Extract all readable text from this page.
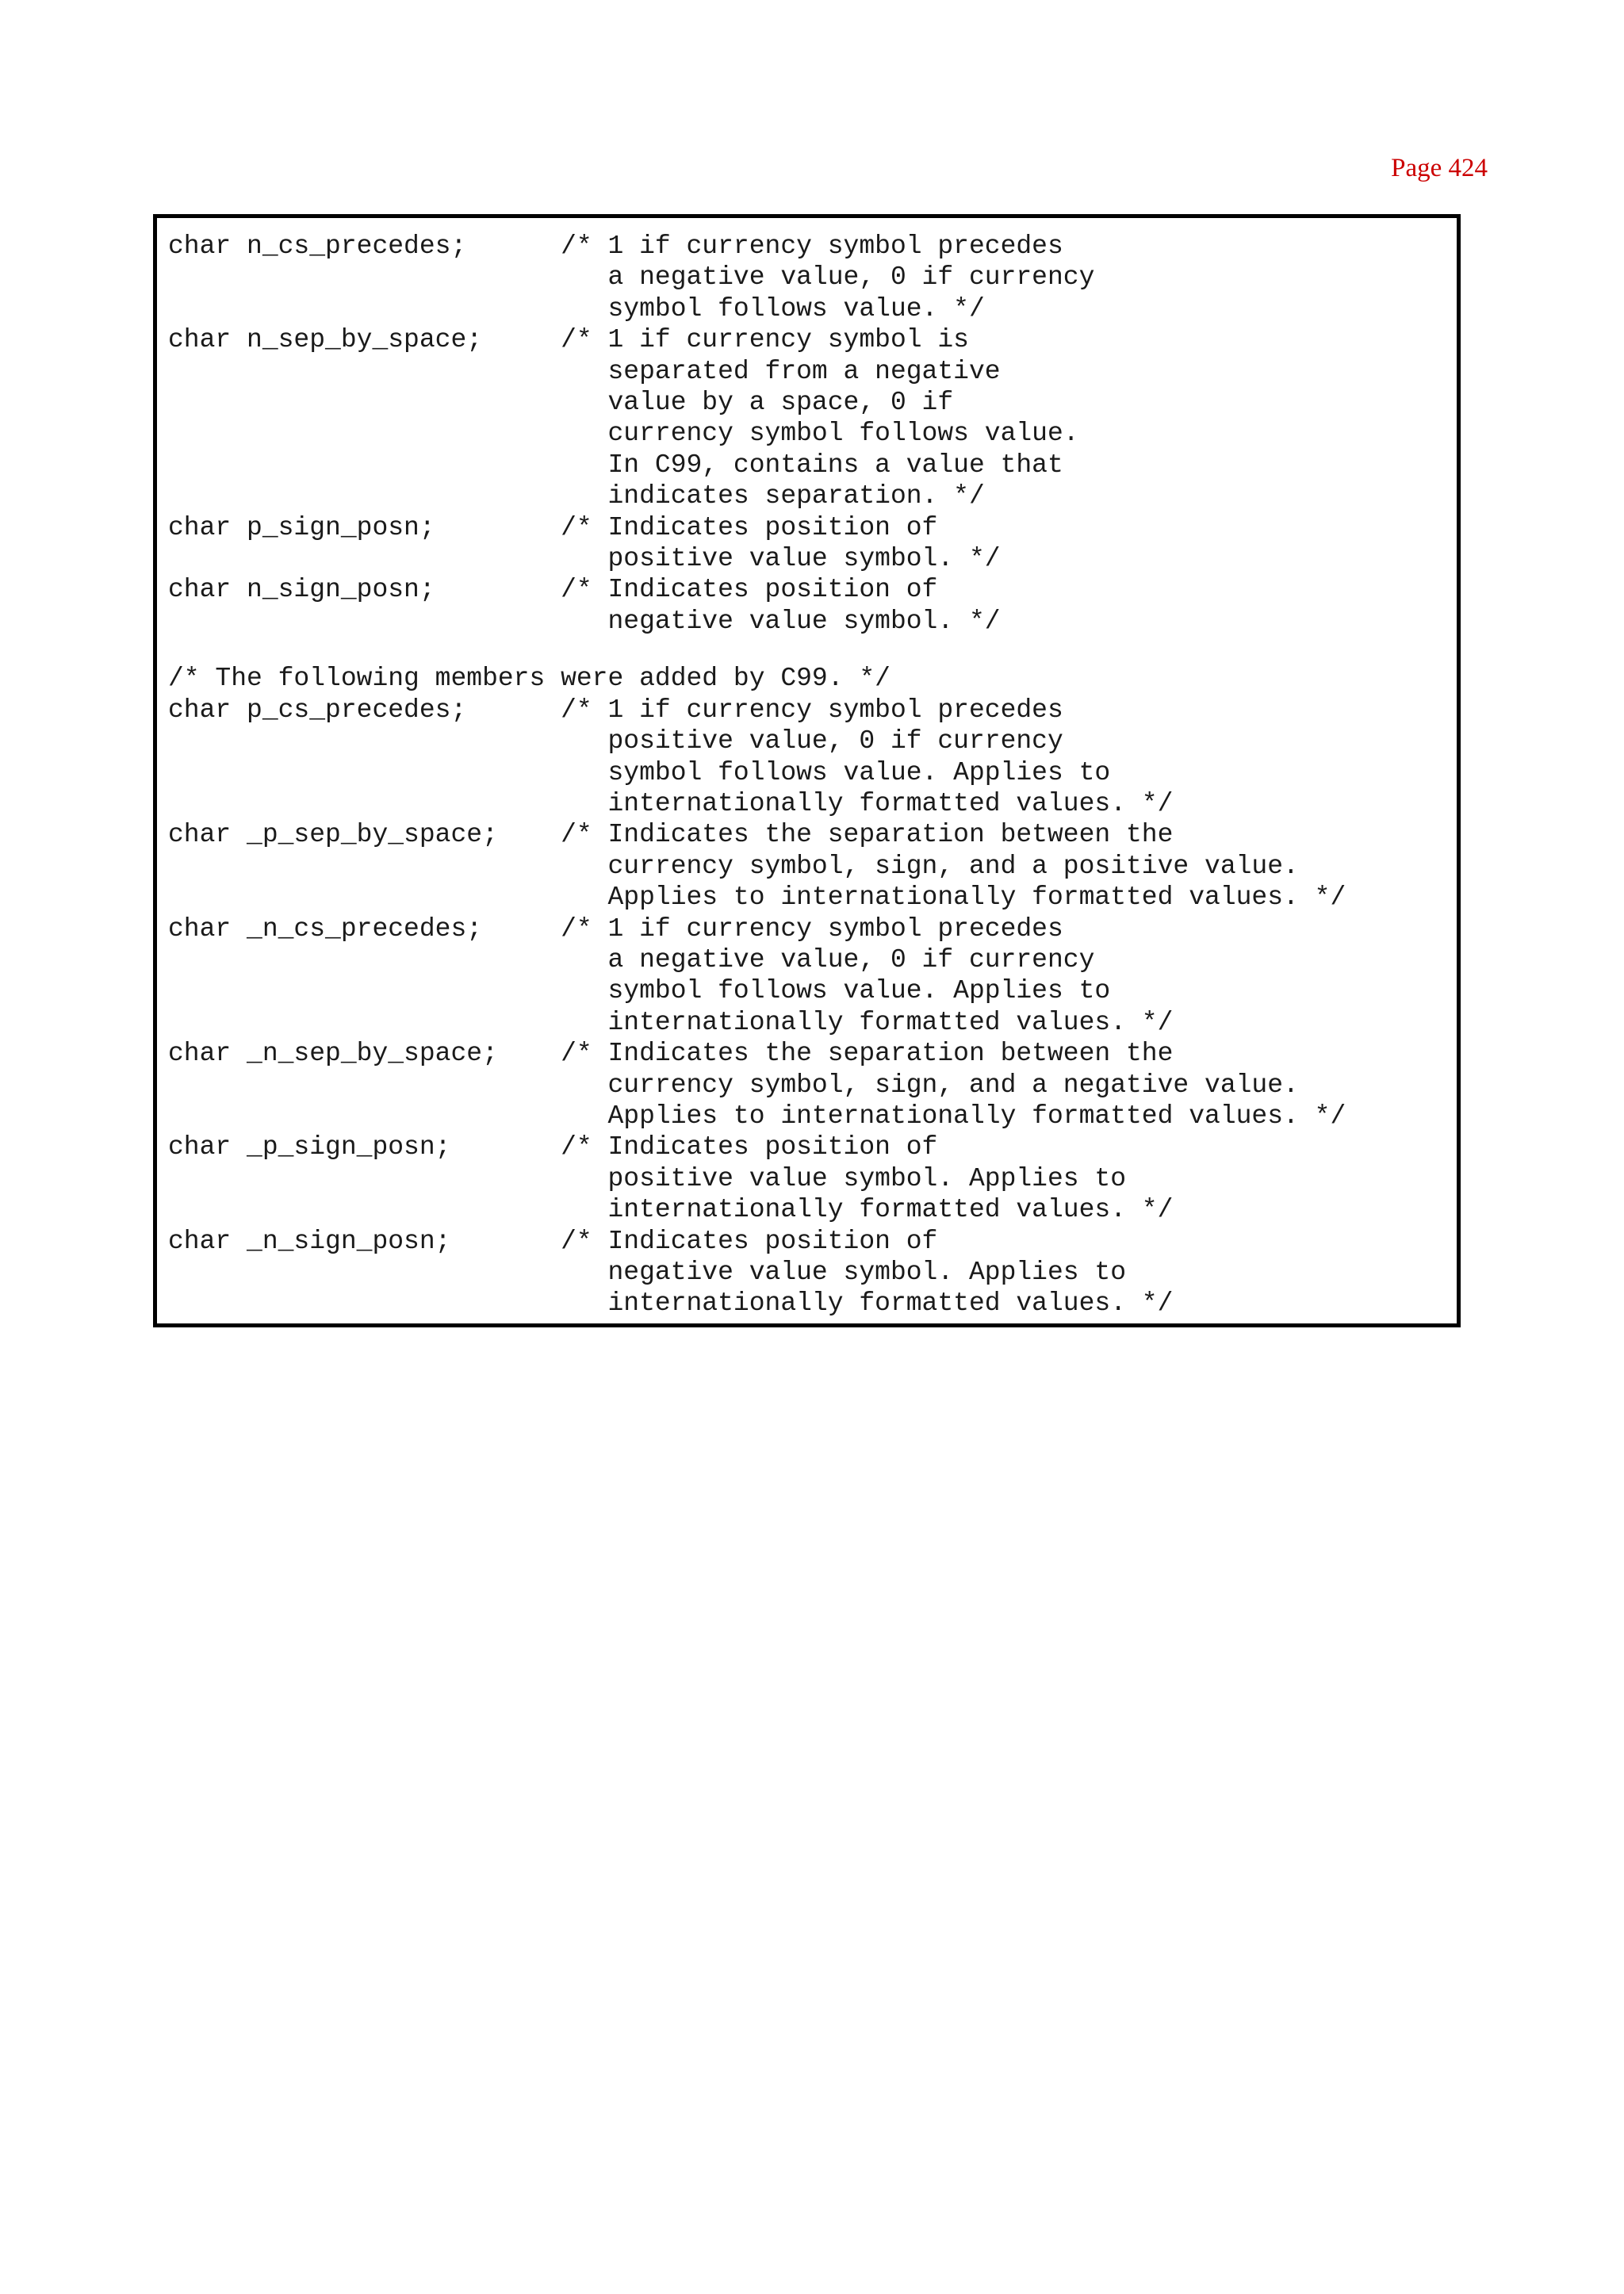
Page 424
char n_cs_precedes;      /* 1 if currency symbol precedes
a negative value, 0 if currency
symbol follows value. */
char n_sep_by_space;     /* 1 if currency symbol is
separated from a negative
value by a space, 0 if
currency symbol follows value.
In C99, contains a value that
indicates separation. */
char p_sign_posn;        /* Indicates position of
positive value symbol. */
char n_sign_posn;        /* Indicates position of
negative value symbol. */
/* The following members were added by C99. */
char p_cs_precedes;      /* 1 if currency symbol precedes
positive value, 0 if currency
symbol follows value. Applies to
internationally formatted values. */
char _p_sep_by_space;    /* Indicates the separation between the
currency symbol, sign, and a positive value.
Applies to internationally formatted values. */
char _n_cs_precedes;     /* 1 if currency symbol precedes
a negative value, 0 if currency
symbol follows value. Applies to
internationally formatted values. */
char _n_sep_by_space;    /* Indicates the separation between the
currency symbol, sign, and a negative value.
Applies to internationally formatted values. */
char _p_sign_posn;       /* Indicates position of
positive value symbol. Applies to
internationally formatted values. */
char _n_sign_posn;       /* Indicates position of
negative value symbol. Applies to
internationally formatted values. */
